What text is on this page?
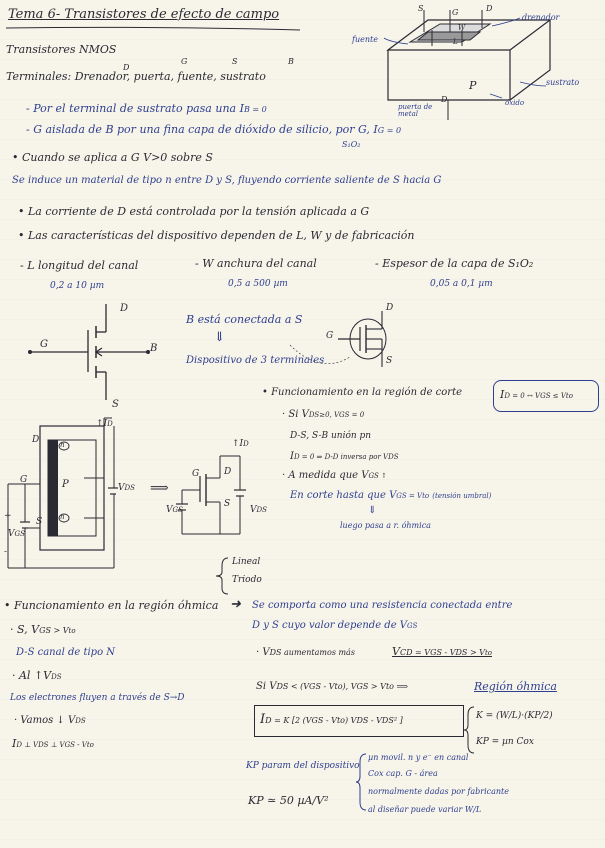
Tema 6- Transistores de efecto de campo
Transistores NMOS
D
G	S	B
Terminales: Drenador, puerta, fuente, sustrato
S	G	D
drenador
fuente
W
L
P	sustrato
óxido
puerta de metal
D
- Por el terminal de sustrato pasa una IB = 0
- G aislada de B por una fina capa de dióxido de silicio, por G, IG = 0
S₁O₂
• Cuando se aplica a G V>0 sobre S
Se induce un material de tipo n entre D y S, fluyendo corriente saliente de S hacia G
• La corriente de D está controlada por la tensión aplicada a G
• Las características del dispositivo dependen de L, W y de fabricación
- L longitud del canal
0,2 a 10 µm
- W anchura del canal
0,5 a 500 µm
- Espesor de la capa de S₁O₂
0,05 a 0,1 µm
G
D
B
S
B está conectada a S
⇓
Dispositivo de 3 terminales
G
D
S
• Funcionamiento en la región de corte	ID = 0 ↔ VGS ≤ Vto
· Si VDS≥0, VGS = 0
D-S, S-B unión pn
ID = 0 ⇒ D-D inversa por VDS
· A medida que VGS ↑
En corte hasta que VGS = Vto (tensión umbral)
⇓
luego pasa a r. óhmica
↑ID
D	n
P
G
n
S
+
-
VGS
VDS ⟹
↑ID
G	D
S
VGS	VDS
Lineal
Triodo
• Funcionamiento en la región óhmica ➜ Se comporta como una resistencia conectada entre
D y S cuyo valor depende de VGS
· S, VGS > Vto
D-S canal de tipo N
· Al ↑VDS
Los electrones fluyen a través de S→D
· Vamos ↓ VDS
ID ⊥ VDS ⊥ VGS - Vto
· VDS aumentamos más	VCD = VGS - VDS > Vto
Si VDS < (VGS - Vto), VGS > Vto ⟹	Región óhmica
ID = K [2 (VGS - Vto) VDS - VDS² ]	K = (W/L)·(KP/2)
KP = µn Cox
KP param del dispositivo
µn movil. n y e⁻ en canal
Cox cap. G - área
normalmente dadas por fabricante
al diseñar puede variar W/L
KP ≃ 50 µA/V²
